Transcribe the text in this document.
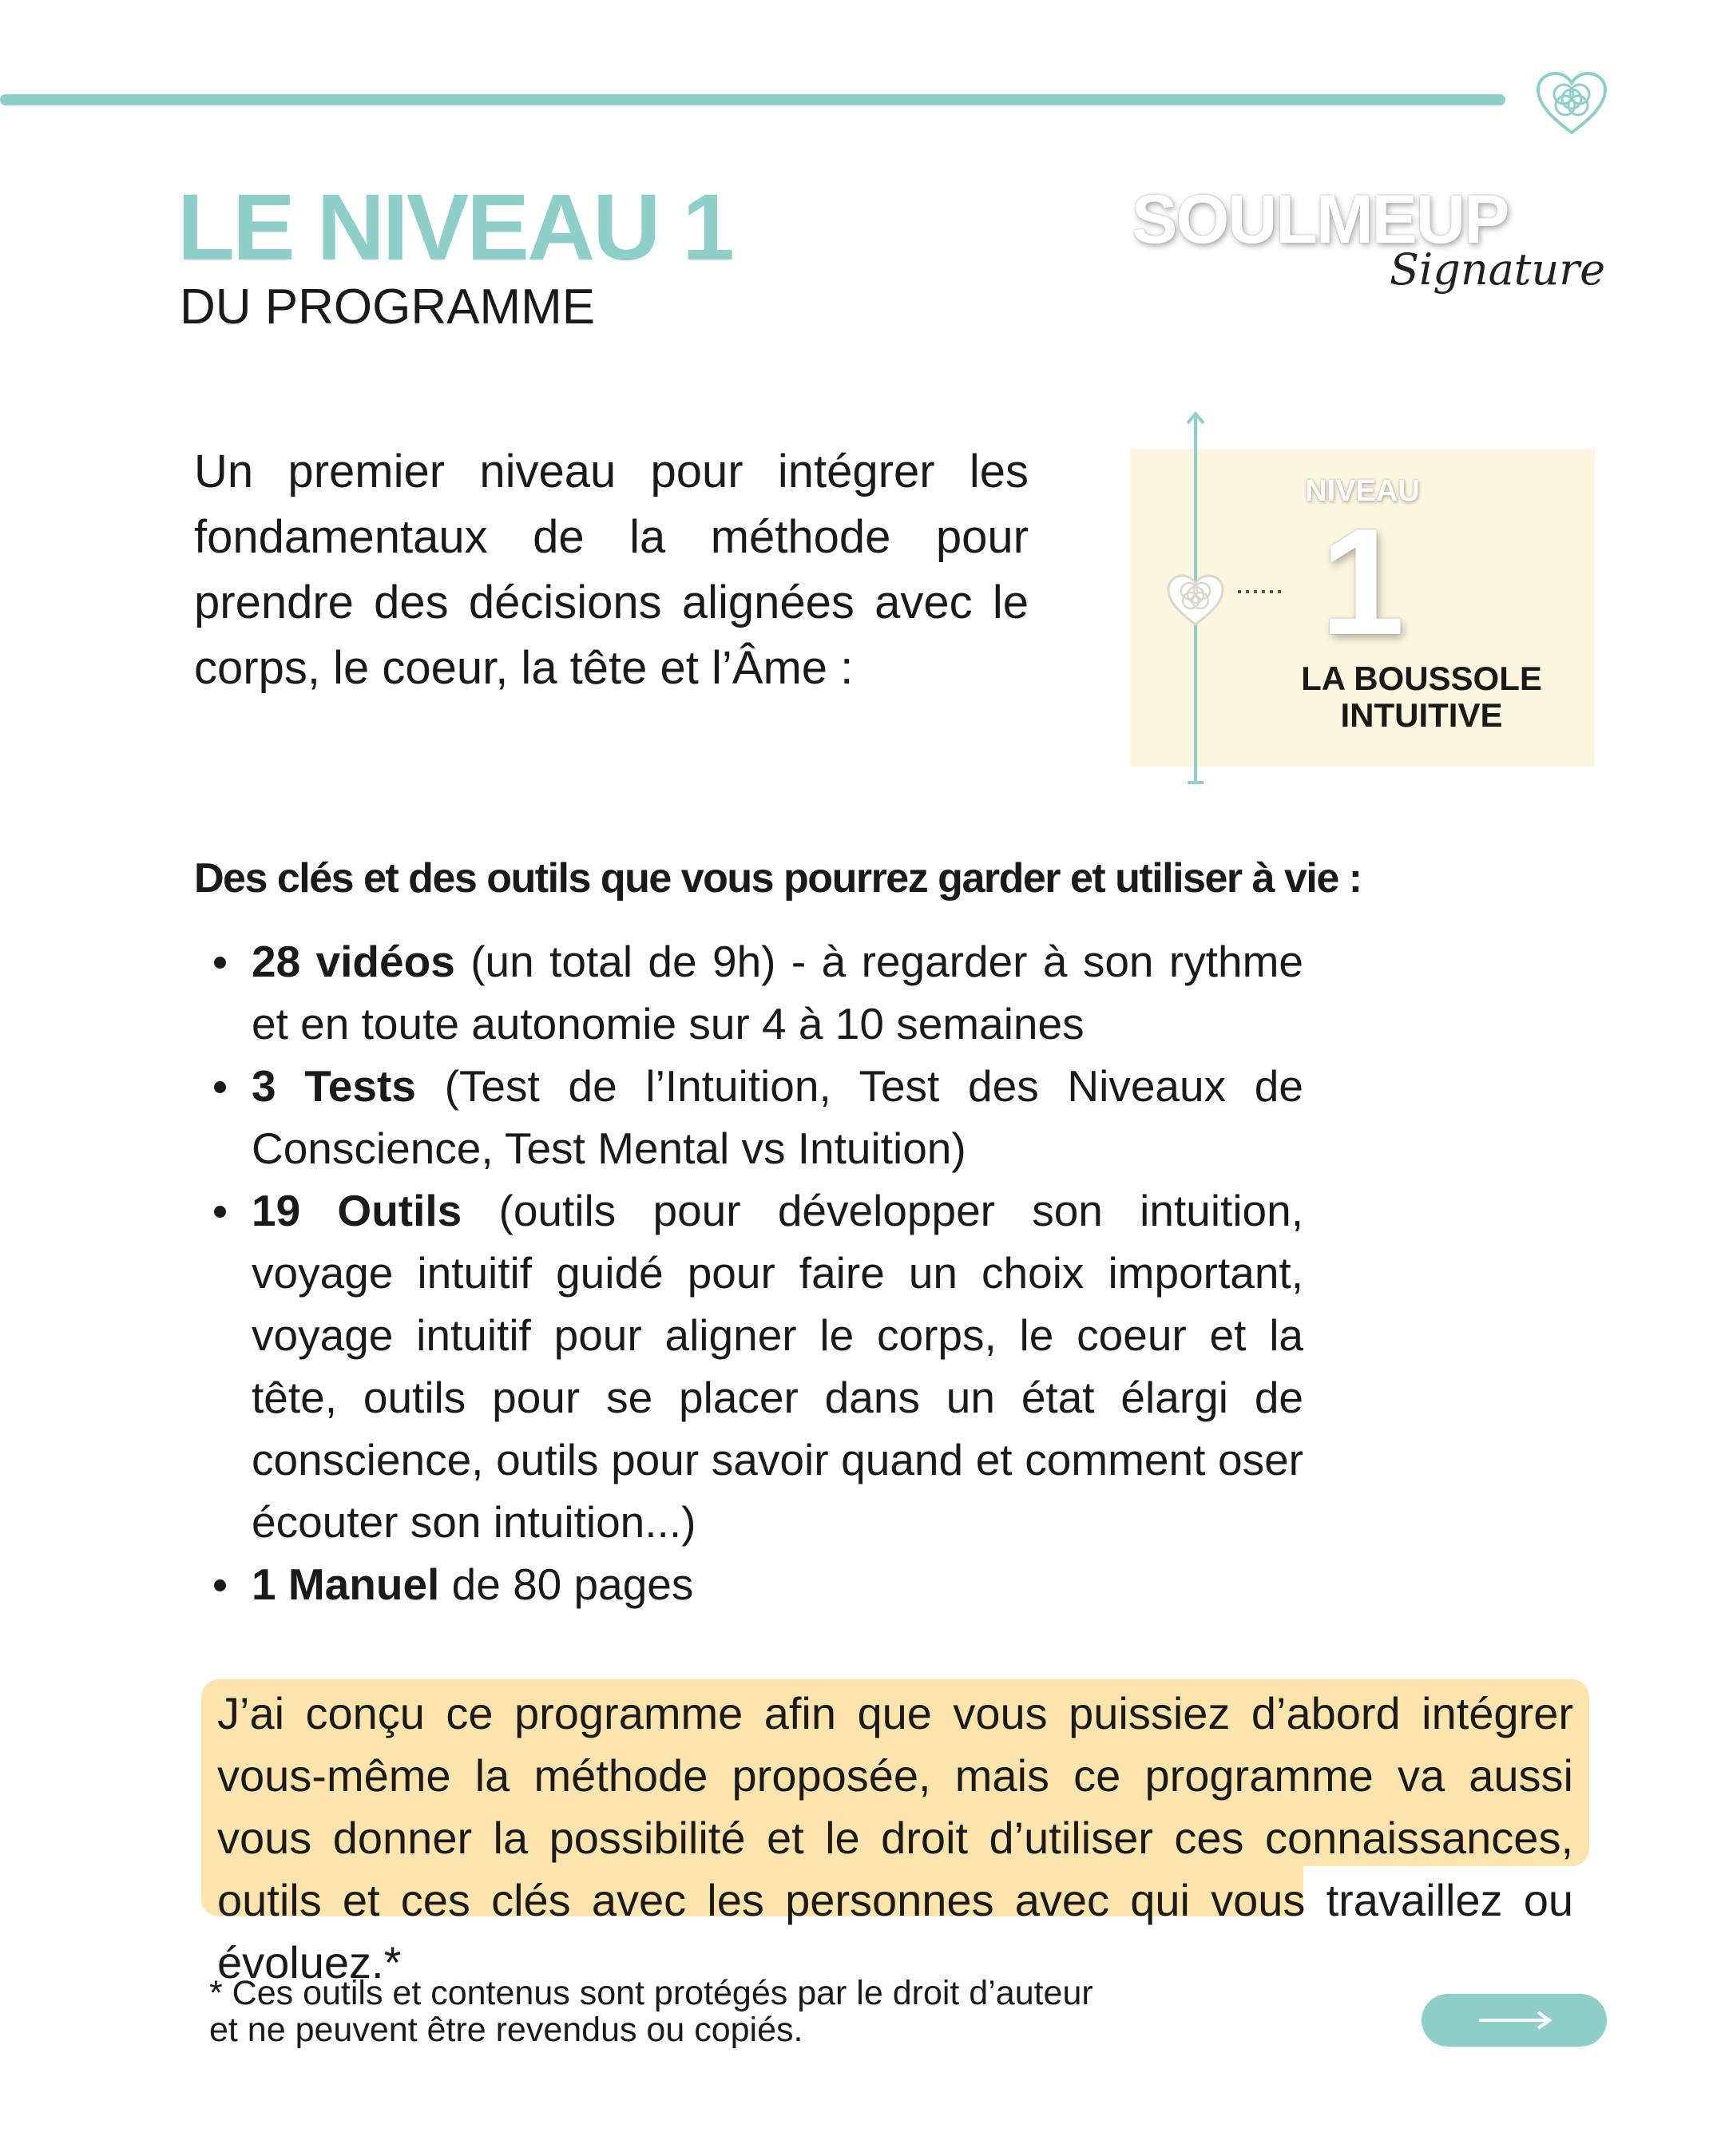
LE NIVEAU 1

DU PROGRAMME

SOULMEUP

Signature

Un premier niveau pour intégrer les fondamentaux de la méthode pour prendre des décisions alignées avec le corps, le coeur, la tête et l’Âme :

NIVEAU

1

LA BOUSSOLE INTUITIVE

Des clés et des outils que vous pourrez garder et utiliser à vie :
28 vidéos (un total de 9h) - à regarder à son rythme et en toute autonomie sur 4 à 10 semaines
3 Tests (Test de l’Intuition, Test des Niveaux de Conscience, Test Mental vs Intuition)
19 Outils (outils pour développer son intuition, voyage intuitif guidé pour faire un choix important, voyage intuitif pour aligner le corps, le coeur et la tête, outils pour se placer dans un état élargi de conscience, outils pour savoir quand et comment oser écouter son intuition...)
1 Manuel de 80 pages

J’ai conçu ce programme afin que vous puissiez d’abord intégrer vous-même la méthode proposée, mais ce programme va aussi vous donner la possibilité et le droit d’utiliser ces connaissances, outils et ces clés avec les personnes avec qui vous travaillez ou évoluez.*

* Ces outils et contenus sont protégés par le droit d’auteur
et ne peuvent être revendus ou copiés.
